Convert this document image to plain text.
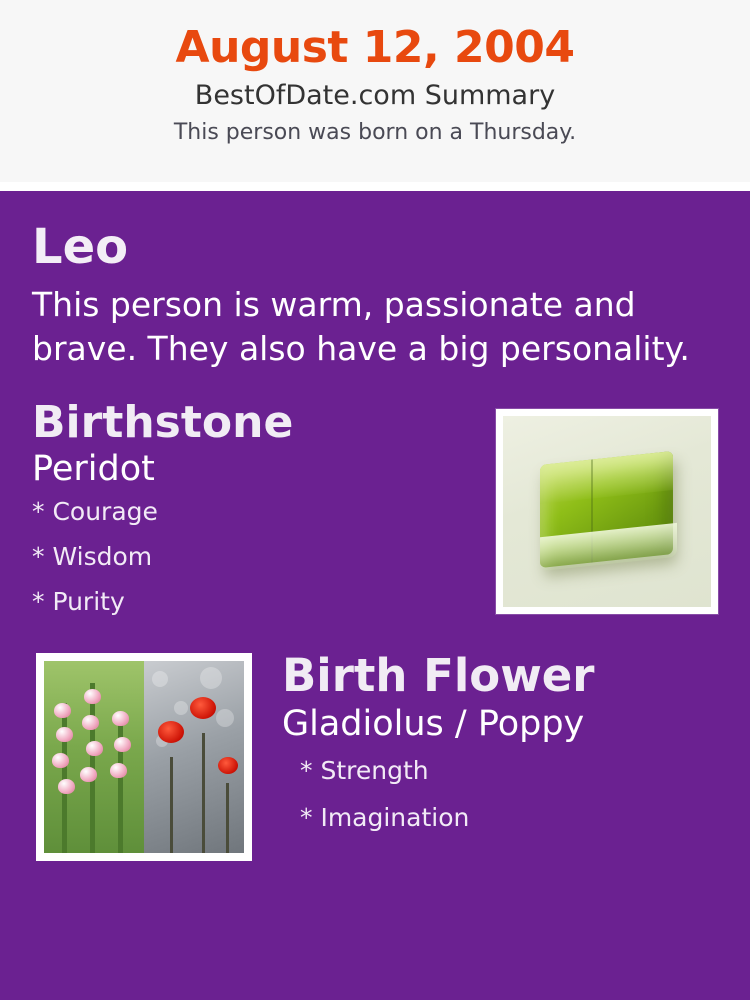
August 12, 2004
BestOfDate.com Summary
This person was born on a Thursday.
Leo
This person is warm, passionate and brave. They also have a big personality.
Birthstone
Peridot
* Courage
* Wisdom
* Purity
Birth Flower
Gladiolus / Poppy
* Strength
* Imagination
